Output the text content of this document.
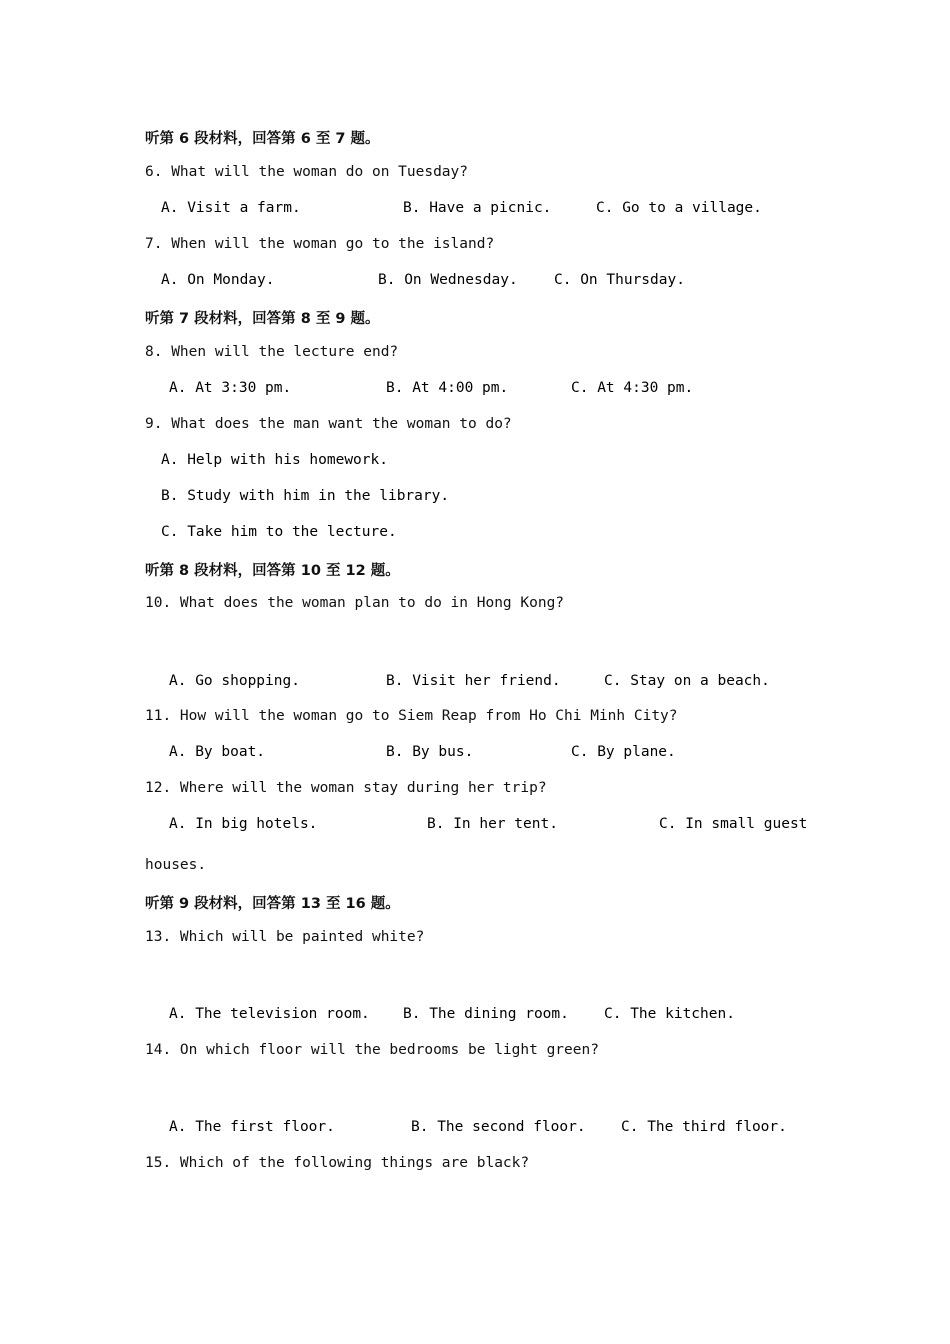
听第 6 段材料，回答第 6 至 7 题。
6. What will the woman do on Tuesday?
A. Visit a farm.	B. Have a picnic.	C. Go to a village.
7. When will the woman go to the island?
A. On Monday.	B. On Wednesday.	C. On Thursday.
听第 7 段材料，回答第 8 至 9 题。
8. When will the lecture end?
A. At 3:30 pm.	B. At 4:00 pm.	C. At 4:30 pm.
9. What does the man want the woman to do?
A. Help with his homework.
B. Study with him in the library.
C. Take him to the lecture.
听第 8 段材料，回答第 10 至 12 题。
10. What does the woman plan to do in Hong Kong?
A. Go shopping.	B. Visit her friend.	C. Stay on a beach.
11. How will the woman go to Siem Reap from Ho Chi Minh City?
A. By boat.	B. By bus.	C. By plane.
12. Where will the woman stay during her trip?
A. In big hotels.	B. In her tent.	C. In small guest
houses.
听第 9 段材料，回答第 13 至 16 题。
13. Which will be painted white?
A. The television room. B. The dining room. C. The kitchen.
14. On which floor will the bedrooms be light green?
A. The first floor.	B. The second floor. C. The third floor.
15. Which of the following things are black?
